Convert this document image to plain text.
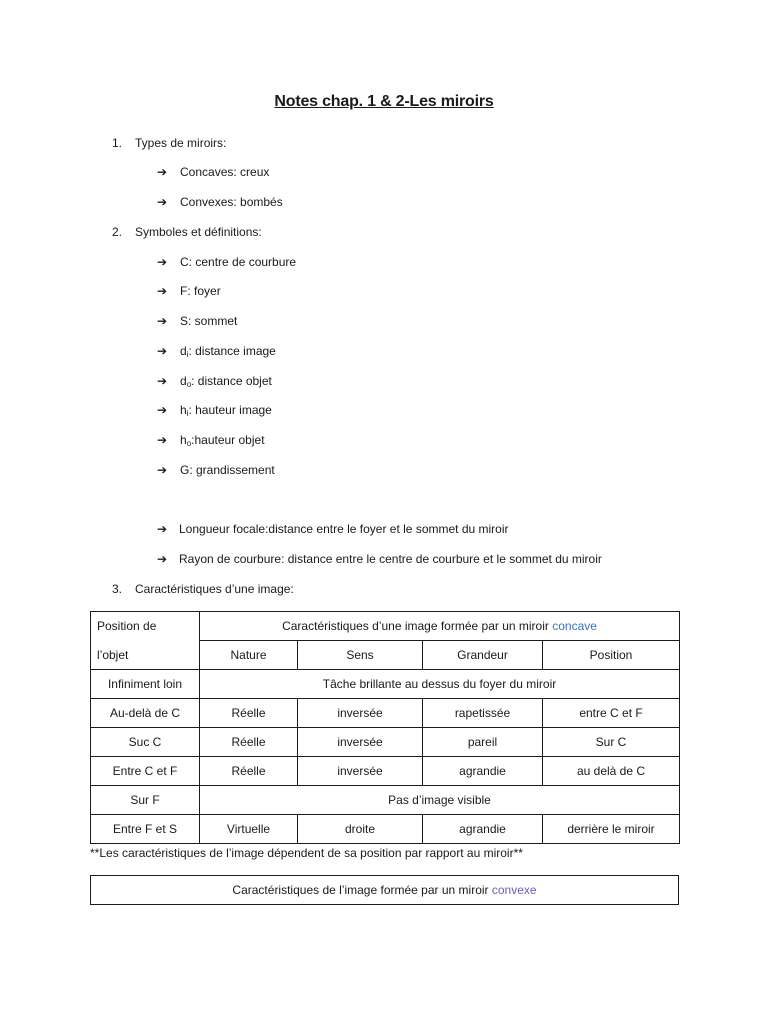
Notes chap. 1 & 2-Les miroirs
1. Types de miroirs:
➔ Concaves: creux
➔ Convexes: bombés
2. Symboles et définitions:
➔ C: centre de courbure
➔ F: foyer
➔ S: sommet
➔ $d_i$: distance image
➔ $d_o$: distance objet
➔ $h_i$: hauteur image
➔ $h_o:hauteur$ objet
➔ G: grandissement
➔ Longueur focale:distance entre le foyer et le sommet du miroir
➔ Rayon de courbure: distance entre le centre de courbure et le sommet du miroir
3. Caractéristiques d’une image:
Position de	Caractéristiques d’une image formée par un miroir concave			
l’objet	Nature	Sens	Grandeur	Position
Infiniment loin	Tâche brillante au dessus du foyer du miroir			
Au-delà de C	Réelle	inversée	rapetissée	entre C et F
Suc C	Réelle	inversée	pareil	Sur C
Entre C et F	Réelle	inversée	agrandie	au delà de C
Sur F	Pas d’image visible			
Entre F et S	Virtuelle	droite	agrandie	derrière le miroir
**Les caractéristiques de l’image dépendent de sa position par rapport au miroir**
Caractéristiques de l’image formée par un miroir convexe
